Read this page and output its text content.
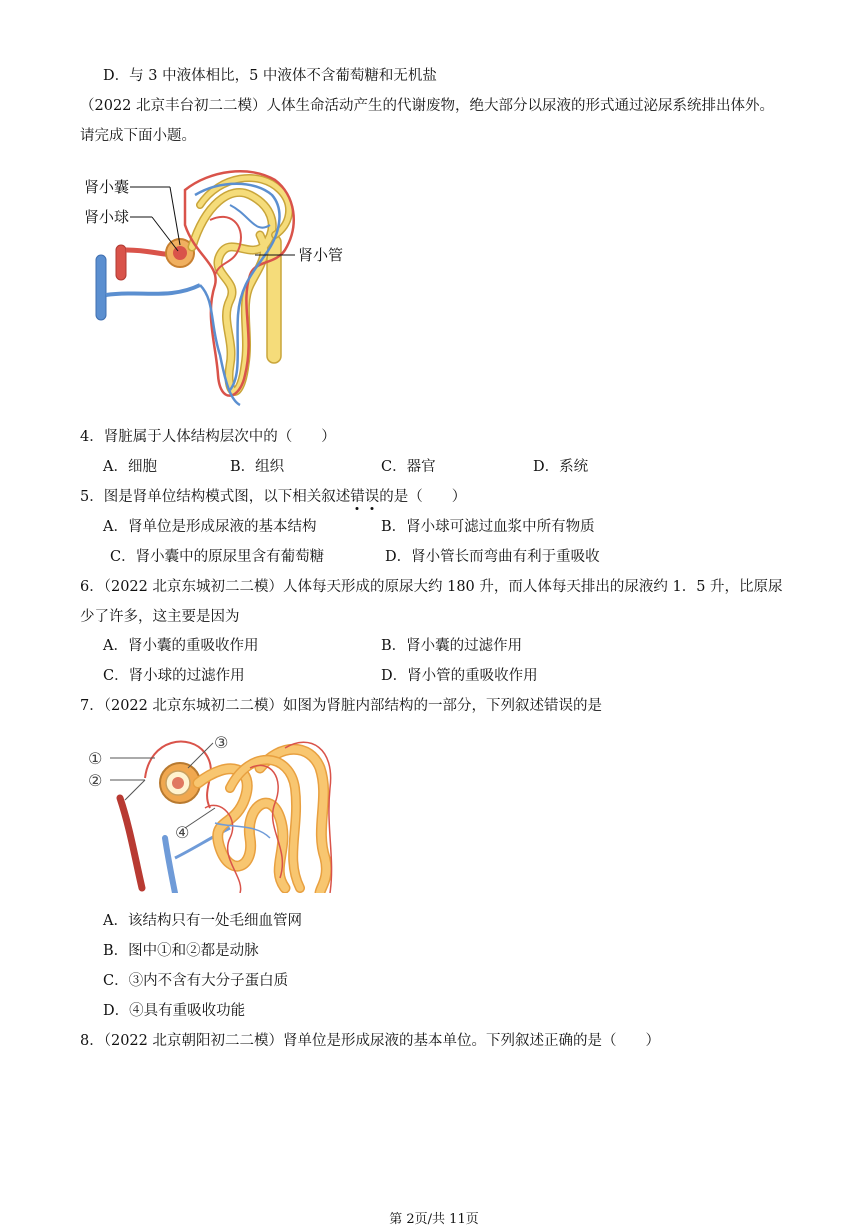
D．与 3 中液体相比，5 中液体不含葡萄糖和无机盐
（2022 北京丰台初二二模）人体生命活动产生的代谢废物，绝大部分以尿液的形式通过泌尿系统排出体外。
请完成下面小题。
肾小囊
肾小球
肾小管
4．肾脏属于人体结构层次中的（　　）
A．细胞	B．组织	C．器官	D．系统
5．图是肾单位结构模式图，以下相关叙述错误的是（　　）
A．肾单位是形成尿液的基本结构	B．肾小球可滤过血浆中所有物质
C．肾小囊中的原尿里含有葡萄糖	D．肾小管长而弯曲有利于重吸收
6．（2022 北京东城初二二模）人体每天形成的原尿大约 180 升，而人体每天排出的尿液约 1．5 升，比原尿
少了许多，这主要是因为
A．肾小囊的重吸收作用	B．肾小囊的过滤作用
C．肾小球的过滤作用	D．肾小管的重吸收作用
7．（2022 北京东城初二二模）如图为肾脏内部结构的一部分，下列叙述错误的是
①
②
③
④
A．该结构只有一处毛细血管网
B．图中①和②都是动脉
C．③内不含有大分子蛋白质
D．④具有重吸收功能
8．（2022 北京朝阳初二二模）肾单位是形成尿液的基本单位。下列叙述正确的是（　　）
第 2页/共 11页
